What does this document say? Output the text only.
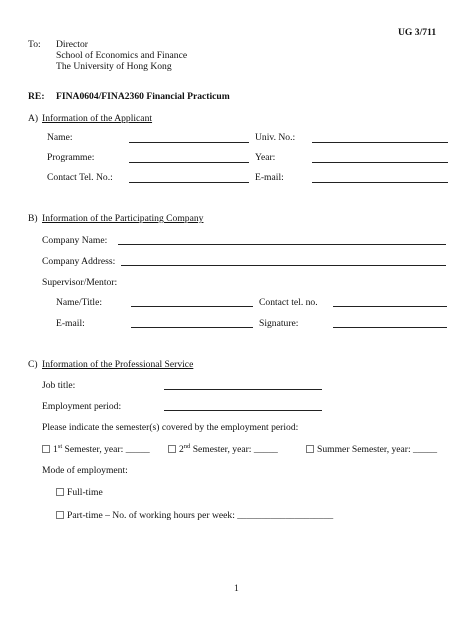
UG 3/711
To: Director
School of Economics and Finance
The University of Hong Kong
RE: FINA0604/FINA2360 Financial Practicum
A) Information of the Applicant
Name:	Univ. No.:
Programme:	Year:
Contact Tel. No.:	E-mail:
B) Information of the Participating Company
Company Name:
Company Address:
Supervisor/Mentor:
Name/Title:	Contact tel. no.
E-mail:	Signature:
C) Information of the Professional Service
Job title:
Employment period:
Please indicate the semester(s) covered by the employment period:
1st Semester, year: _____	2nd Semester, year: _____	Summer Semester, year: _____
Mode of employment:
Full-time
Part-time – No. of working hours per week: ____________________
1
